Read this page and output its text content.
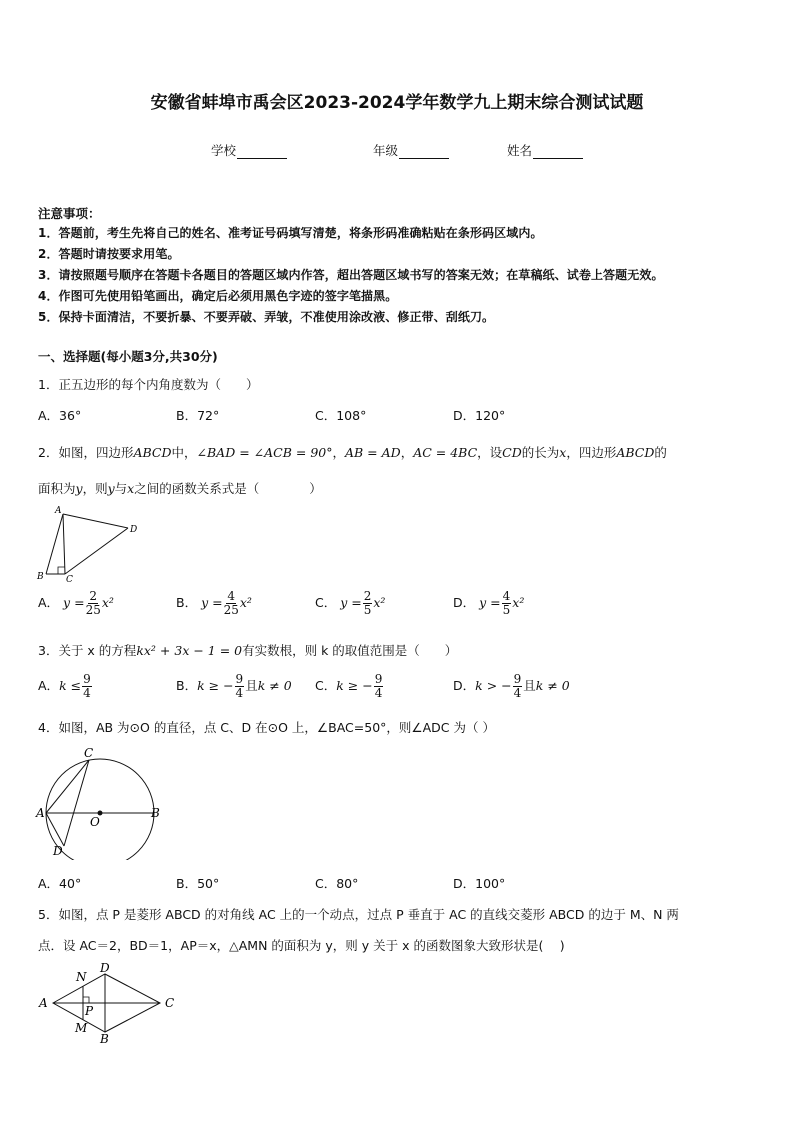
安徽省蚌埠市禹会区2023-2024学年数学九上期末综合测试试题
学校	年级	姓名
注意事项：
1．答题前，考生先将自己的姓名、准考证号码填写清楚，将条形码准确粘贴在条形码区域内。
2．答题时请按要求用笔。
3．请按照题号顺序在答题卡各题目的答题区域内作答，超出答题区域书写的答案无效；在草稿纸、试卷上答题无效。
4．作图可先使用铅笔画出，确定后必须用黑色字迹的签字笔描黑。
5．保持卡面清洁，不要折暴、不要弄破、弄皱，不准使用涂改液、修正带、刮纸刀。
一、选择题(每小题3分,共30分)
1．正五边形的每个内角度数为（　　）
A．36°	B．72°	C．108°	D．120°
2．如图，四边形ABCD中，∠BAD = ∠ACB = 90°，AB = AD，AC = 4BC，设CD的长为x，四边形ABCD的
面积为y，则y与x之间的函数关系式是（　　　　）
A
B C
D
A． $y = \frac{2}{25} x^2$	B． $y = \frac{4}{25} x^2$	C． $y = \frac{2}{5} x^2$	D． $y = \frac{4}{5} x^2$
3．关于 x 的方程kx² + 3x − 1 = 0有实数根，则 k 的取值范围是（　　）
A．$k \le \frac{9}{4}$	B．k ≥ − $\frac{9}{4}$ 且k ≠ 0 C．k ≥ − $\frac{9}{4}$	D．k > − $\frac{9}{4}$ 且k ≠ 0
4．如图，AB 为⊙O 的直径，点 C、D 在⊙O 上，∠BAC=50°，则∠ADC 为（ ）
C
A
O
B
D
A．40°	B．50°	C．80°	D．100°
5．如图，点 P 是菱形 ABCD 的对角线 AC 上的一个动点，过点 P 垂直于 AC 的直线交菱形 ABCD 的边于 M、N 两
点．设 AC＝2，BD＝1，AP＝x，△AMN 的面积为 y，则 y 关于 x 的函数图象大致形状是(　 )
N
D
A
P
C
M
B
